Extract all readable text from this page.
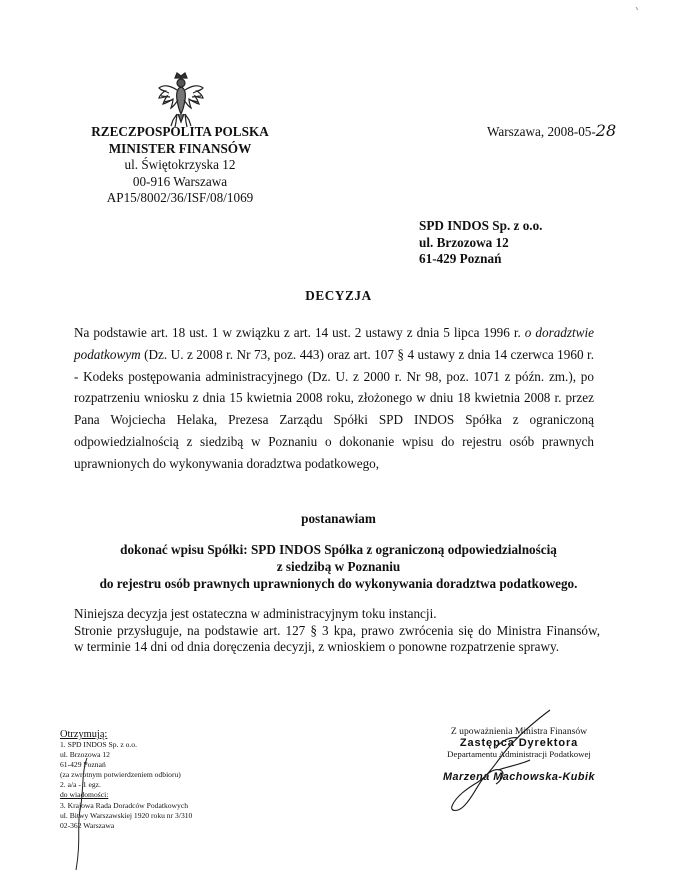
RZECZPOSPOLITA POLSKA
MINISTER FINANSÓW
ul. Świętokrzyska 12
00-916 Warszawa
AP15/8002/36/ISF/08/1069
Warszawa, 2008-05-28
SPD INDOS Sp. z o.o.
ul. Brzozowa 12
61-429 Poznań
DECYZJA
Na podstawie art. 18 ust. 1 w związku z art. 14 ust. 2 ustawy z dnia 5 lipca 1996 r. o doradztwie podatkowym (Dz. U. z 2008 r. Nr 73, poz. 443) oraz art. 107 § 4 ustawy z dnia 14 czerwca 1960 r. - Kodeks postępowania administracyjnego (Dz. U. z 2000 r. Nr 98, poz. 1071 z późn. zm.), po rozpatrzeniu wniosku z dnia 15 kwietnia 2008 roku, złożonego w dniu 18 kwietnia 2008 r. przez Pana Wojciecha Helaka, Prezesa Zarządu Spółki SPD INDOS Spółka z ograniczoną odpowiedzialnością z siedzibą w Poznaniu o dokonanie wpisu do rejestru osób prawnych uprawnionych do wykonywania doradztwa podatkowego,
postanawiam
dokonać wpisu Spółki: SPD INDOS Spółka z ograniczoną odpowiedzialnością
z siedzibą w Poznaniu
do rejestru osób prawnych uprawnionych do wykonywania doradztwa podatkowego.

Niniejsza decyzja jest ostateczna w administracyjnym toku instancji.

Stronie przysługuje, na podstawie art. 127 § 3 kpa, prawo zwrócenia się do Ministra Finansów,

w terminie 14 dni od dnia doręczenia decyzji, z wnioskiem o ponowne rozpatrzenie sprawy.

Otrzymują:
1. SPD INDOS Sp. z o.o.
ul. Brzozowa 12
61-429 Poznań
(za zwrotnym potwierdzeniem odbioru)
2. a/a - 1 egz.
do wiadomości:
3. Krajowa Rada Doradców Podatkowych
ul. Bitwy Warszawskiej 1920 roku nr 3/310
02-362 Warszawa
Z upoważnienia Ministra Finansów
Zastępca Dyrektora
Departamentu Administracji Podatkowej
Marzena Machowska-Kubik
